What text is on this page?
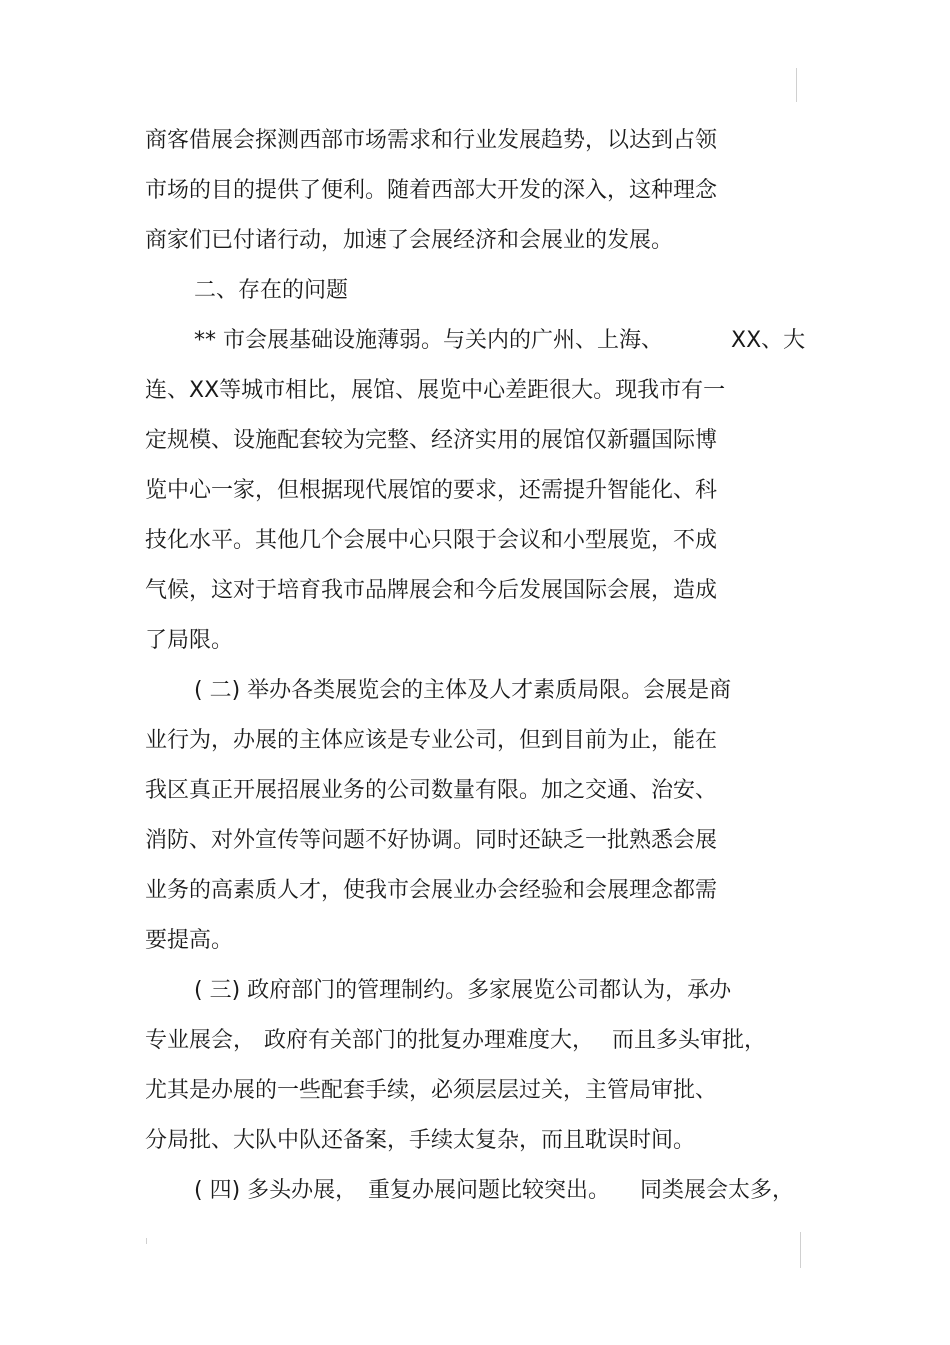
商客借展会探测西部市场需求和行业发展趋势，以达到占领
市场的目的提供了便利。随着西部大开发的深入，这种理念
商家们已付诸行动，加速了会展经济和会展业的发展。
二、存在的问题
** 市会展基础设施薄弱。与关内的广州、上海、	XX、大
连、XX等城市相比，展馆、展览中心差距很大。现我市有一
定规模、设施配套较为完整、经济实用的展馆仅新疆国际博
览中心一家，但根据现代展馆的要求，还需提升智能化、科
技化水平。其他几个会展中心只限于会议和小型展览，不成
气候，这对于培育我市品牌展会和今后发展国际会展，造成
了局限。
( 二) 举办各类展览会的主体及人才素质局限。会展是商
业行为，办展的主体应该是专业公司，但到目前为止，能在
我区真正开展招展业务的公司数量有限。加之交通、治安、
消防、对外宣传等问题不好协调。同时还缺乏一批熟悉会展
业务的高素质人才，使我市会展业办会经验和会展理念都需
要提高。
( 三) 政府部门的管理制约。多家展览公司都认为，承办
专业展会， 政府有关部门的批复办理难度大， 而且多头审批，
尤其是办展的一些配套手续，必须层层过关，主管局审批、
分局批、大队中队还备案，手续太复杂，而且耽误时间。
( 四) 多头办展， 重复办展问题比较突出。 同类展会太多，
